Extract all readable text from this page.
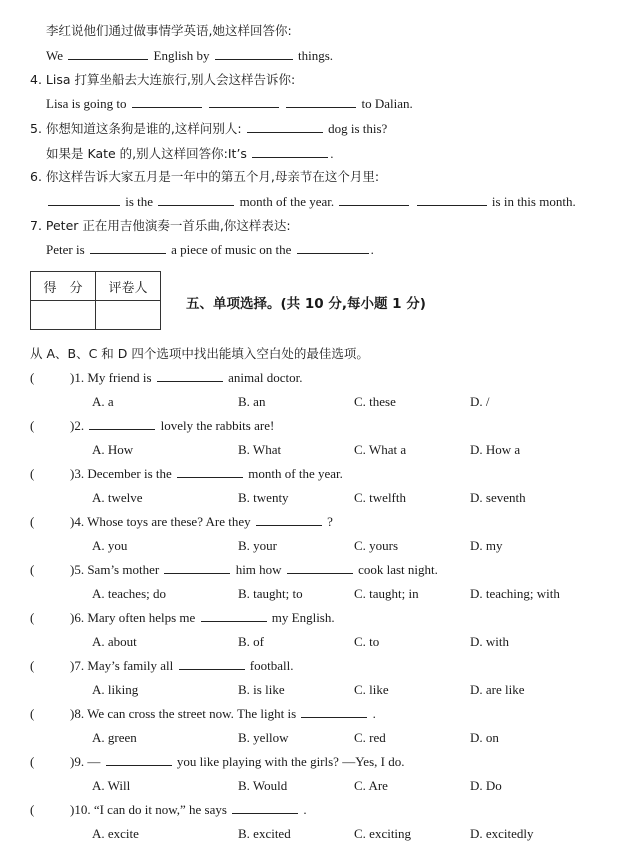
李红说他们通过做事情学英语,她这样回答你:
We	English by	things.
4. Lisa 打算坐船去大连旅行,别人会这样告诉你:
Lisa is going to	to Dalian.
5. 你想知道这条狗是谁的,这样问别人:	dog is this?
如果是 Kate 的,别人这样回答你:It’s	.
6. 你这样告诉大家五月是一年中的第五个月,母亲节在这个月里:
is the	month of the year.	is in this month.
7. Peter 正在用吉他演奏一首乐曲,你这样表达:
Peter is	a piece of music on the	.
得　分	评卷人

五、单项选择。(共 10 分,每小题 1 分)
从 A、B、C 和 D 四个选项中找出能填入空白处的最佳选项。
(	)1. My friend is	animal doctor.
A. a	B. an	C. these	D. /
(	)2.	lovely the rabbits are!
A. How	B. What	C. What a	D. How a
(	)3. December is the	month of the year.
A. twelve	B. twenty	C. twelfth	D. seventh
(	)4. Whose toys are these? Are they	?
A. you	B. your	C. yours	D. my
(	)5. Sam’s mother	him how	cook last night.
A. teaches; do	B. taught; to	C. taught; in	D. teaching; with
(	)6. Mary often helps me	my English.
A. about	B. of	C. to	D. with
(	)7. May’s family all	football.
A. liking	B. is like	C. like	D. are like
(	)8. We can cross the street now. The light is	.
A. green	B. yellow	C. red	D. on
(	)9. —	you like playing with the girls? —Yes, I do.
A. Will	B. Would	C. Are	D. Do
(	)10. “I can do it now,” he says	.
A. excite	B. excited	C. exciting	D. excitedly
